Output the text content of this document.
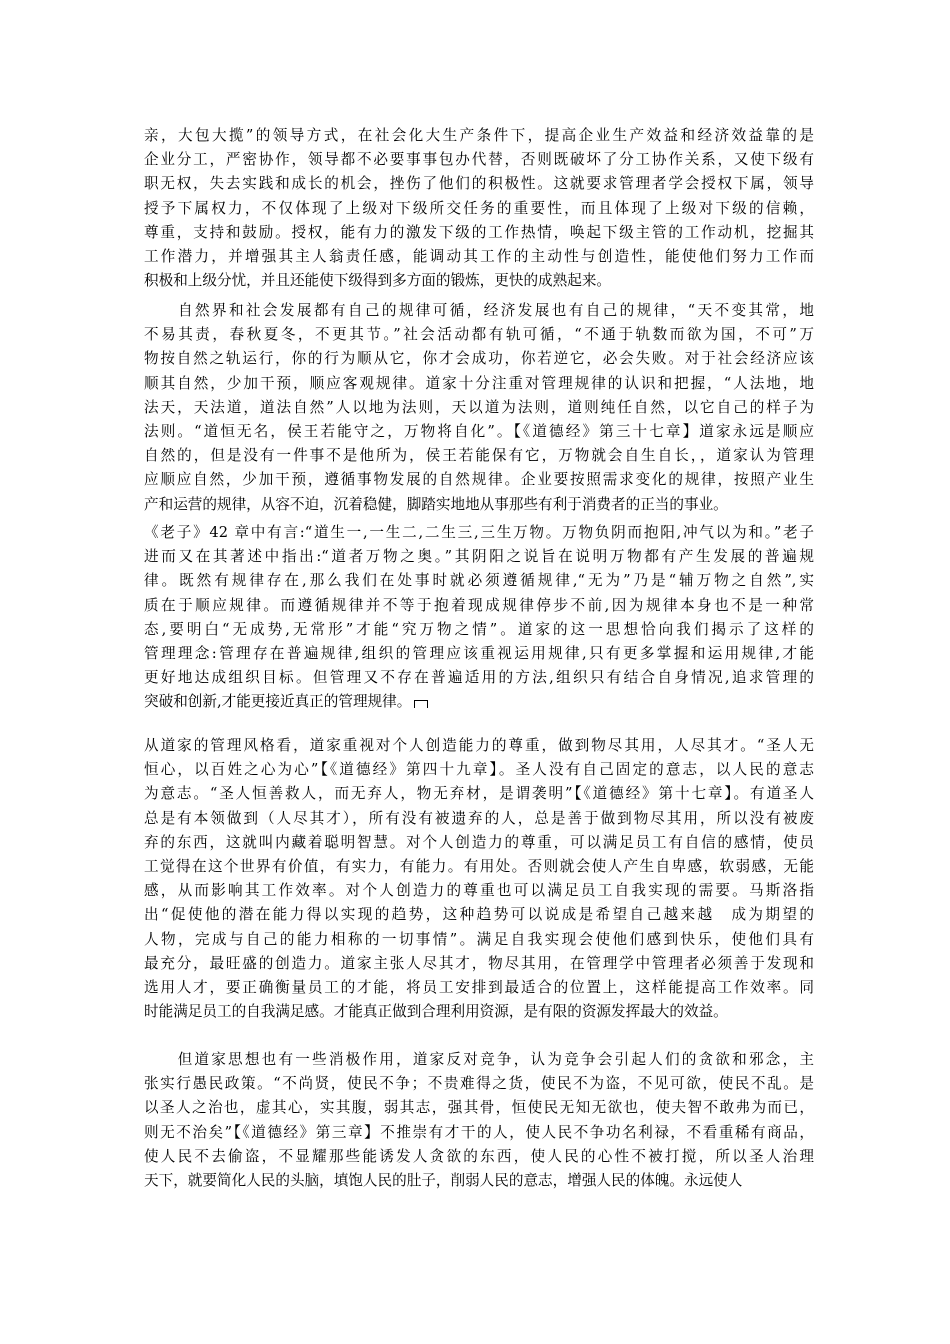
亲，大包大揽”的领导方式，在社会化大生产条件下，提高企业生产效益和经济效益靠的是
企业分工，严密协作，领导都不必要事事包办代替，否则既破坏了分工协作关系，又使下级有
职无权，失去实践和成长的机会，挫伤了他们的积极性。这就要求管理者学会授权下属，领导
授予下属权力，不仅体现了上级对下级所交任务的重要性，而且体现了上级对下级的信赖，
尊重，支持和鼓励。授权，能有力的激发下级的工作热情，唤起下级主管的工作动机，挖掘其
工作潜力，并增强其主人翁责任感，能调动其工作的主动性与创造性，能使他们努力工作而
积极和上级分忧，并且还能使下级得到多方面的锻炼，更快的成熟起来。
　　自然界和社会发展都有自己的规律可循，经济发展也有自己的规律，“天不变其常，地
不易其责，春秋夏冬，不更其节。”社会活动都有轨可循，“不通于轨数而欲为国，不可”万
物按自然之轨运行，你的行为顺从它，你才会成功，你若逆它，必会失败。对于社会经济应该
顺其自然，少加干预，顺应客观规律。道家十分注重对管理规律的认识和把握，“人法地，地
法天，天法道，道法自然”人以地为法则，天以道为法则，道则纯任自然，以它自己的样子为
法则。“道恒无名，侯王若能守之，万物将自化”。【《道德经》第三十七章】道家永远是顺应
自然的，但是没有一件事不是他所为，侯王若能保有它，万物就会自生自长，，道家认为管理
应顺应自然，少加干预，遵循事物发展的自然规律。企业要按照需求变化的规律，按照产业生
产和运营的规律，从容不迫，沉着稳健，脚踏实地地从事那些有利于消费者的正当的事业。
《老子》42 章中有言:“道生一,一生二,二生三,三生万物。万物负阴而抱阳,冲气以为和。”老子
进而又在其著述中指出:“道者万物之奥。”其阴阳之说旨在说明万物都有产生发展的普遍规
律。既然有规律存在,那么我们在处事时就必须遵循规律,“无为”乃是“辅万物之自然”,实
质在于顺应规律。而遵循规律并不等于抱着现成规律停步不前,因为规律本身也不是一种常
态,要明白“无成势,无常形”才能“究万物之情”。道家的这一思想恰向我们揭示了这样的
管理理念:管理存在普遍规律,组织的管理应该重视运用规律,只有更多掌握和运用规律,才能
更好地达成组织目标。但管理又不存在普遍适用的方法,组织只有结合自身情况,追求管理的
突破和创新,才能更接近真正的管理规律。
从道家的管理风格看，道家重视对个人创造能力的尊重，做到物尽其用，人尽其才。“圣人无
恒心，以百姓之心为心”【《道德经》第四十九章】。圣人没有自己固定的意志，以人民的意志
为意志。“圣人恒善救人，而无弃人，物无弃材，是谓袭明”【《道德经》第十七章】。有道圣人
总是有本领做到（人尽其才），所有没有被遗弃的人，总是善于做到物尽其用，所以没有被废
弃的东西，这就叫内藏着聪明智慧。对个人创造力的尊重，可以满足员工有自信的感情，使员
工觉得在这个世界有价值，有实力，有能力。有用处。否则就会使人产生自卑感，软弱感，无能
感，从而影响其工作效率。对个人创造力的尊重也可以满足员工自我实现的需要。马斯洛指
出“促使他的潜在能力得以实现的趋势，这种趋势可以说成是希望自己越来越　成为期望的
人物，完成与自己的能力相称的一切事情”。满足自我实现会使他们感到快乐，使他们具有
最充分，最旺盛的创造力。道家主张人尽其才，物尽其用，在管理学中管理者必须善于发现和
选用人才，要正确衡量员工的才能，将员工安排到最适合的位置上，这样能提高工作效率。同
时能满足员工的自我满足感。才能真正做到合理利用资源，是有限的资源发挥最大的效益。
　　但道家思想也有一些消极作用，道家反对竞争，认为竞争会引起人们的贪欲和邪念，主
张实行愚民政策。“不尚贤，使民不争；不贵难得之货，使民不为盗，不见可欲，使民不乱。是
以圣人之治也，虚其心，实其腹，弱其志，强其骨，恒使民无知无欲也，使夫智不敢弗为而已，
则无不治矣”【《道德经》第三章】不推崇有才干的人，使人民不争功名利禄，不看重稀有商品，
使人民不去偷盗，不显耀那些能诱发人贪欲的东西，使人民的心性不被打搅，所以圣人治理
天下，就要简化人民的头脑，填饱人民的肚子，削弱人民的意志，增强人民的体魄。永远使人
